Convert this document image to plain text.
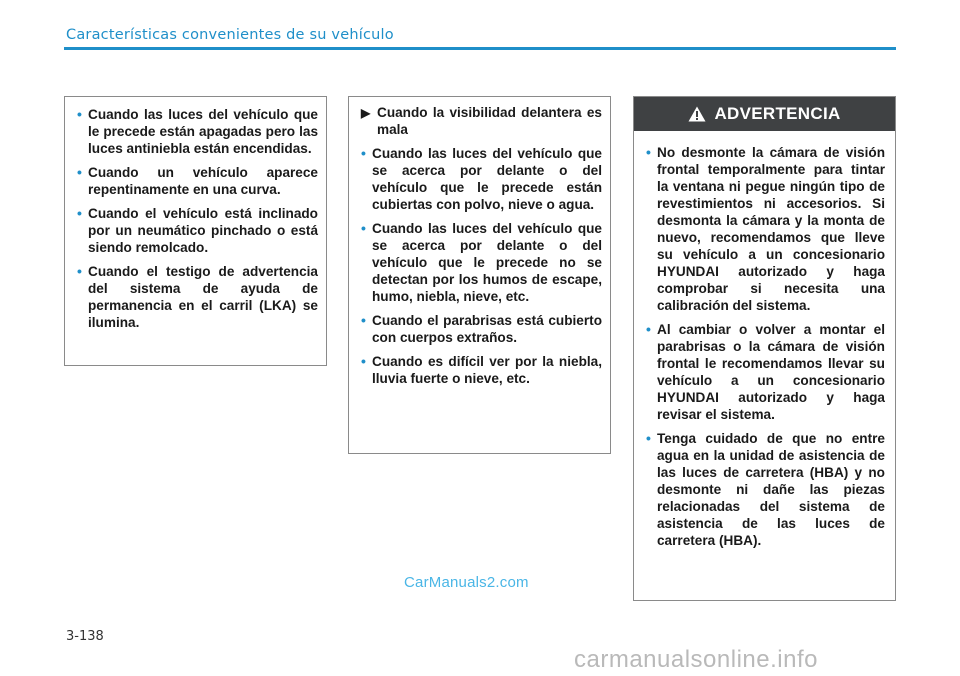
Características convenientes de su vehículo
• Cuando las luces del vehículo que le precede están apagadas pero las luces antiniebla están encendidas.
• Cuando un vehículo aparece repentinamente en una curva.
• Cuando el vehículo está inclinado por un neumático pinchado o está siendo remolcado.
• Cuando el testigo de advertencia del sistema de ayuda de permanencia en el carril (LKA) se ilumina.
▶ Cuando la visibilidad delantera es mala
• Cuando las luces del vehículo que se acerca por delante o del vehículo que le precede están cubiertas con polvo, nieve o agua.
• Cuando las luces del vehículo que se acerca por delante o del vehículo que le precede no se detectan por los humos de escape, humo, niebla, nieve, etc.
• Cuando el parabrisas está cubierto con cuerpos extraños.
• Cuando es difícil ver por la niebla, lluvia fuerte o nieve, etc.
ADVERTENCIA
• No desmonte la cámara de visión frontal temporalmente para tintar la ventana ni pegue ningún tipo de revestimientos ni accesorios. Si desmonta la cámara y la monta de nuevo, recomendamos que lleve su vehículo a un concesionario HYUNDAI autorizado y haga comprobar si necesita una calibración del sistema.
• Al cambiar o volver a montar el parabrisas o la cámara de visión frontal le recomendamos llevar su vehículo a un concesionario HYUNDAI autorizado y haga revisar el sistema.
• Tenga cuidado de que no entre agua en la unidad de asistencia de las luces de carretera (HBA) y no desmonte ni dañe las piezas relacionadas del sistema de asistencia de las luces de carretera (HBA).
CarManuals2.com
3-138
carmanualsonline.info
